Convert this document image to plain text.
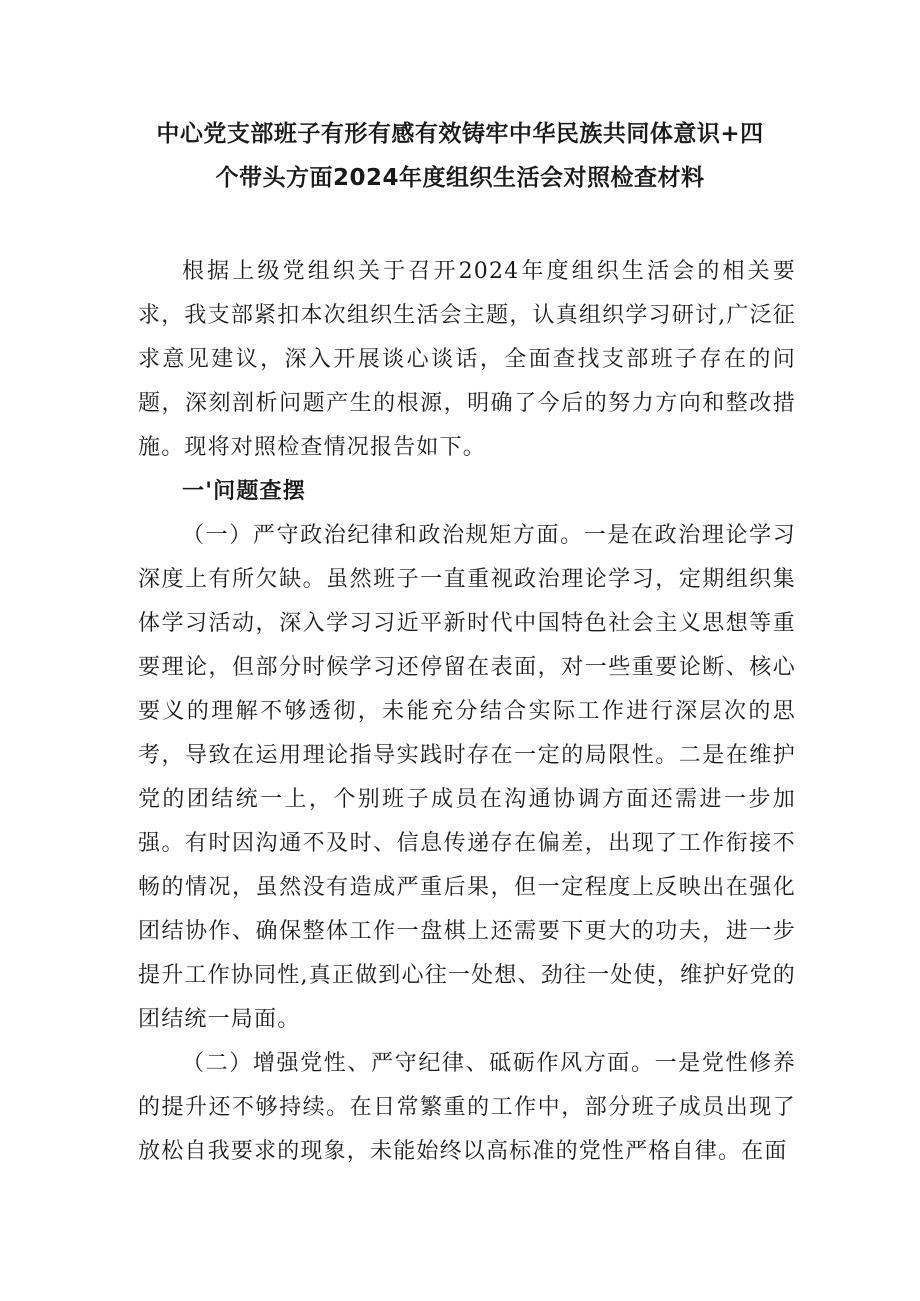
中心党支部班子有形有感有效铸牢中华民族共同体意识+四
个带头方面2024年度组织生活会对照检查材料

根据上级党组织关于召开2024年度组织生活会的相关要求，我支部紧扣本次组织生活会主题，认真组织学习研讨,广泛征求意见建议，深入开展谈心谈话，全面查找支部班子存在的问题，深刻剖析问题产生的根源，明确了今后的努力方向和整改措施。现将对照检查情况报告如下。

一'问题查摆

（一）严守政治纪律和政治规矩方面。一是在政治理论学习深度上有所欠缺。虽然班子一直重视政治理论学习，定期组织集体学习活动，深入学习习近平新时代中国特色社会主义思想等重要理论，但部分时候学习还停留在表面，对一些重要论断、核心要义的理解不够透彻，未能充分结合实际工作进行深层次的思考，导致在运用理论指导实践时存在一定的局限性。二是在维护党的团结统一上，个别班子成员在沟通协调方面还需进一步加强。有时因沟通不及时、信息传递存在偏差，出现了工作衔接不畅的情况，虽然没有造成严重后果，但一定程度上反映出在强化团结协作、确保整体工作一盘棋上还需要下更大的功夫，进一步提升工作协同性,真正做到心往一处想、劲往一处使，维护好党的团结统一局面。

（二）增强党性、严守纪律、砥砺作风方面。一是党性修养的提升还不够持续。在日常繁重的工作中，部分班子成员出现了放松自我要求的现象，未能始终以高标准的党性严格自律。在面
